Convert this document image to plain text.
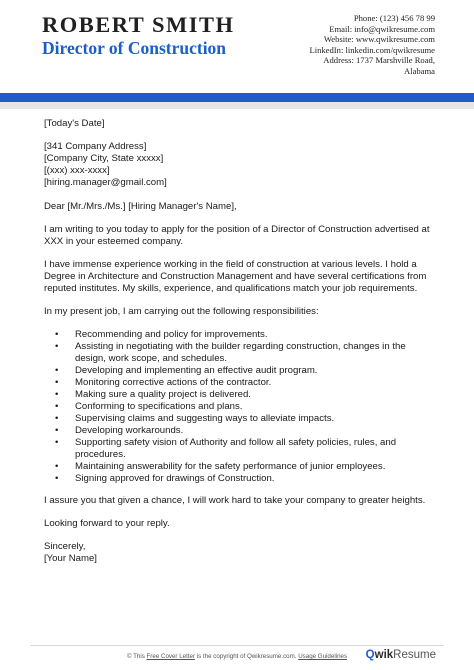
ROBERT SMITH
Director of Construction
Phone: (123) 456 78 99
Email: info@qwikresume.com
Website: www.qwikresume.com
LinkedIn: linkedin.com/qwikresume
Address: 1737 Marshville Road,
Alabama

[Today's Date]

[341 Company Address]

[Company City, State xxxxx]

[(xxx) xxx-xxxx]

[hiring.manager@gmail.com]

Dear [Mr./Mrs./Ms.] [Hiring Manager's Name],

I am writing to you today to apply for the position of a Director of Construction advertised at XXX in your esteemed company.

I have immense experience working in the field of construction at various levels. I hold a Degree in Architecture and Construction Management and have several certifications from reputed institutes. My skills, experience, and qualifications match your job requirements.

In my present job, I am carrying out the following responsibilities:

• Recommending and policy for improvements.
• Assisting in negotiating with the builder regarding construction, changes in the design, work scope, and schedules.
• Developing and implementing an effective audit program.
• Monitoring corrective actions of the contractor.
• Making sure a quality project is delivered.
• Conforming to specifications and plans.
• Supervising claims and suggesting ways to alleviate impacts.
• Developing workarounds.
• Supporting safety vision of Authority and follow all safety policies, rules, and procedures.
• Maintaining answerability for the safety performance of junior employees.
• Signing approved for drawings of Construction.

I assure you that given a chance, I will work hard to take your company to greater heights.

Looking forward to your reply.

Sincerely,

[Your Name]

© This Free Cover Letter is the copyright of Qwikresume.com. Usage Guidelines	QwikResume
